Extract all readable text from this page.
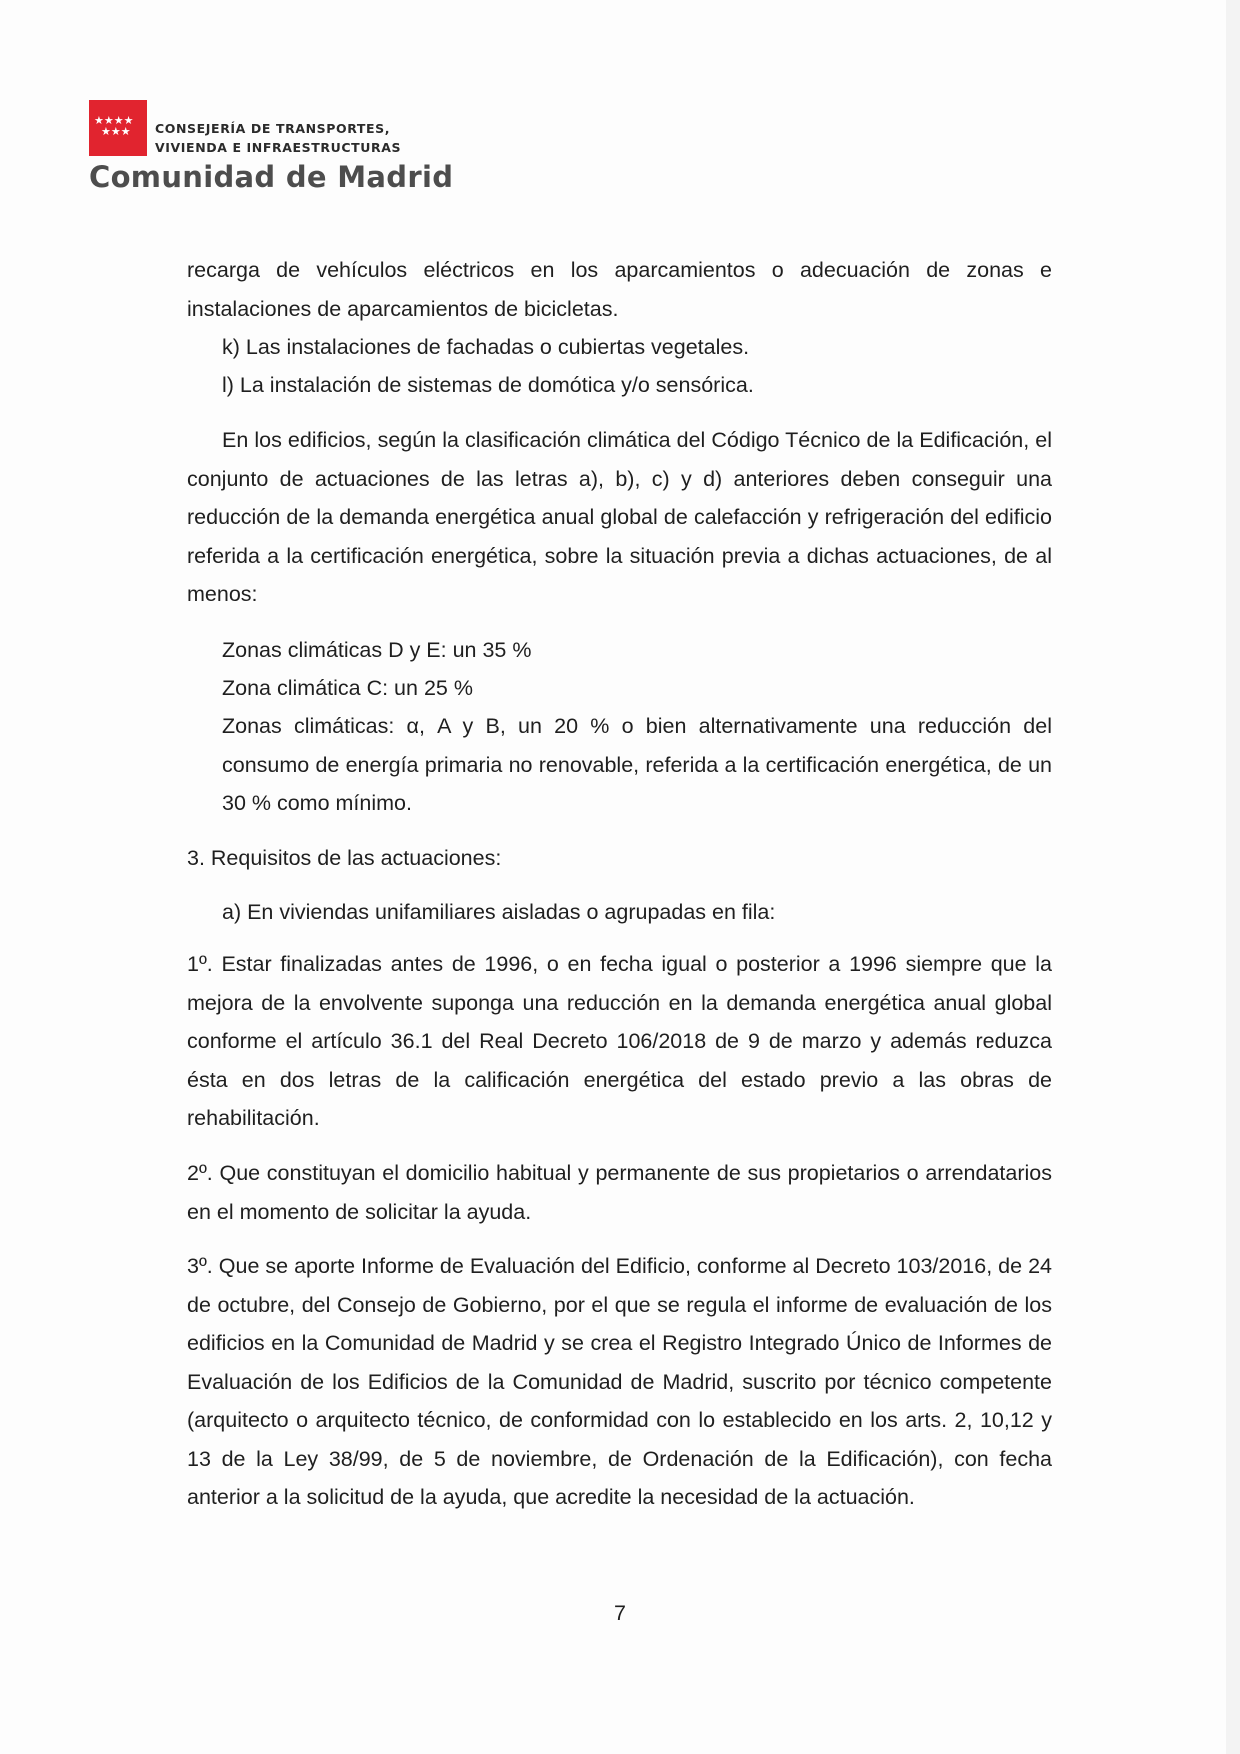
★★★★
★★★ CONSEJERÍA DE TRANSPORTES,
VIVIENDA E INFRAESTRUCTURAS
Comunidad de Madrid

recarga de vehículos eléctricos en los aparcamientos o adecuación de zonas e instalaciones de aparcamientos de bicicletas.

k) Las instalaciones de fachadas o cubiertas vegetales.

l) La instalación de sistemas de domótica y/o sensórica.

En los edificios, según la clasificación climática del Código Técnico de la Edificación, el conjunto de actuaciones de las letras a), b), c) y d) anteriores deben conseguir una reducción de la demanda energética anual global de calefacción y refrigeración del edificio referida a la certificación energética, sobre la situación previa a dichas actuaciones, de al menos:

Zonas climáticas D y E: un 35 %

Zona climática C: un 25 %

Zonas climáticas: α, A y B, un 20 % o bien alternativamente una reducción del consumo de energía primaria no renovable, referida a la certificación energética, de un 30 % como mínimo.

3. Requisitos de las actuaciones:

a) En viviendas unifamiliares aisladas o agrupadas en fila:

1º. Estar finalizadas antes de 1996, o en fecha igual o posterior a 1996 siempre que la mejora de la envolvente suponga una reducción en la demanda energética anual global conforme el artículo 36.1 del Real Decreto 106/2018 de 9 de marzo y además reduzca ésta en dos letras de la calificación energética del estado previo a las obras de rehabilitación.

2º. Que constituyan el domicilio habitual y permanente de sus propietarios o arrendatarios en el momento de solicitar la ayuda.

3º. Que se aporte Informe de Evaluación del Edificio, conforme al Decreto 103/2016, de 24 de octubre, del Consejo de Gobierno, por el que se regula el informe de evaluación de los edificios en la Comunidad de Madrid y se crea el Registro Integrado Único de Informes de Evaluación de los Edificios de la Comunidad de Madrid, suscrito por técnico competente (arquitecto o arquitecto técnico, de conformidad con lo establecido en los arts. 2, 10,12 y 13 de la Ley 38/99, de 5 de noviembre, de Ordenación de la Edificación), con fecha anterior a la solicitud de la ayuda, que acredite la necesidad de la actuación.

7
